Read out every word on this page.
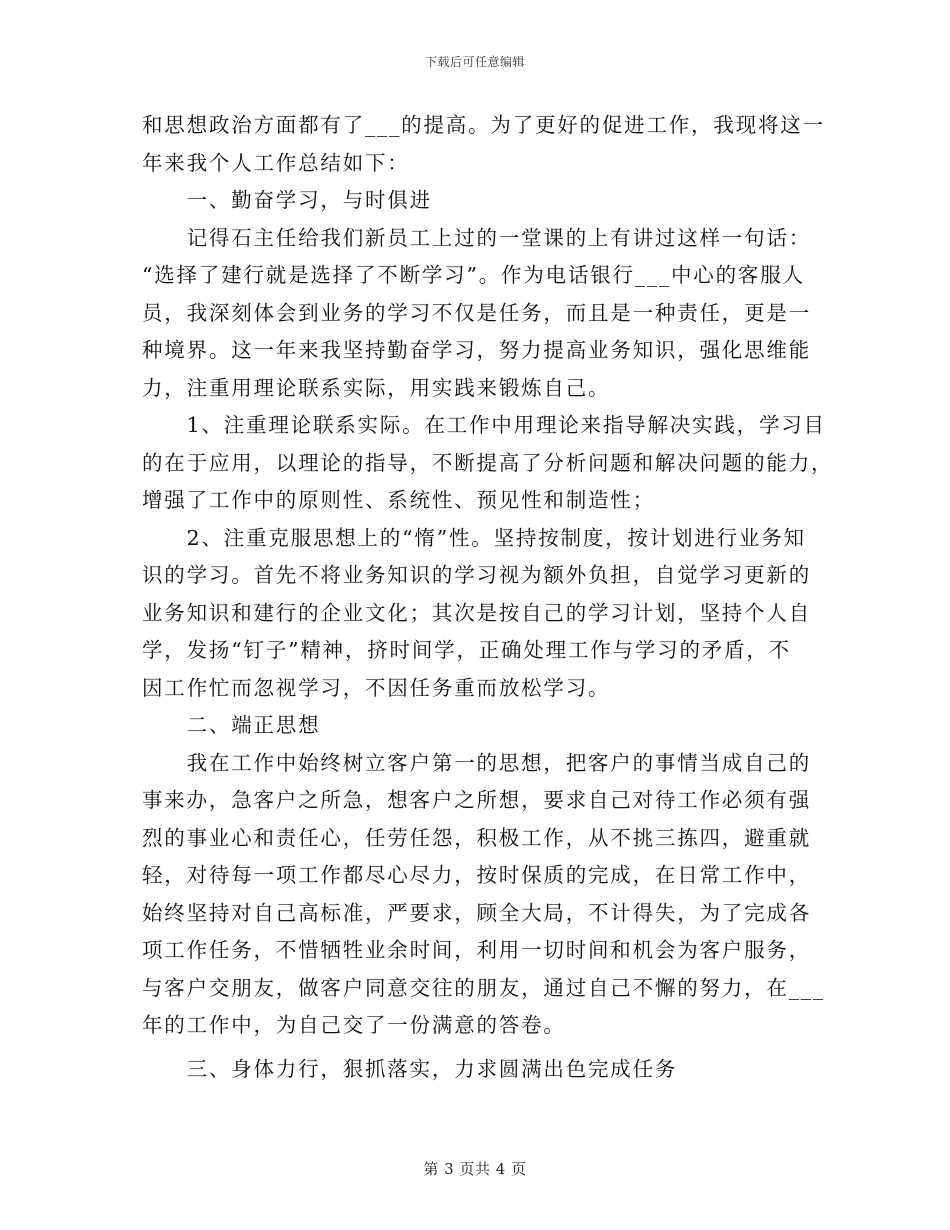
下载后可任意编辑
和思想政治方面都有了___的提高。为了更好的促进工作，我现将这一
年来我个人工作总结如下：
　　一、勤奋学习，与时俱进
　　记得石主任给我们新员工上过的一堂课的上有讲过这样一句话：
“选择了建行就是选择了不断学习”。作为电话银行___中心的客服人
员，我深刻体会到业务的学习不仅是任务，而且是一种责任，更是一
种境界。这一年来我坚持勤奋学习，努力提高业务知识，强化思维能
力，注重用理论联系实际，用实践来锻炼自己。
　　1、注重理论联系实际。在工作中用理论来指导解决实践，学习目
的在于应用，以理论的指导，不断提高了分析问题和解决问题的能力，
增强了工作中的原则性、系统性、预见性和制造性；
　　2、注重克服思想上的“惰”性。坚持按制度，按计划进行业务知
识的学习。首先不将业务知识的学习视为额外负担，自觉学习更新的
业务知识和建行的企业文化；其次是按自己的学习计划，坚持个人自
学，发扬“钉子”精神，挤时间学，正确处理工作与学习的矛盾，不
因工作忙而忽视学习，不因任务重而放松学习。
　　二、端正思想
　　我在工作中始终树立客户第一的思想，把客户的事情当成自己的
事来办，急客户之所急，想客户之所想，要求自己对待工作必须有强
烈的事业心和责任心，任劳任怨，积极工作，从不挑三拣四，避重就
轻，对待每一项工作都尽心尽力，按时保质的完成，在日常工作中，
始终坚持对自己高标准，严要求，顾全大局，不计得失，为了完成各
项工作任务，不惜牺牲业余时间，利用一切时间和机会为客户服务，
与客户交朋友，做客户同意交往的朋友，通过自己不懈的努力，在___
年的工作中，为自己交了一份满意的答卷。
　　三、身体力行，狠抓落实，力求圆满出色完成任务
第 3 页共 4 页
